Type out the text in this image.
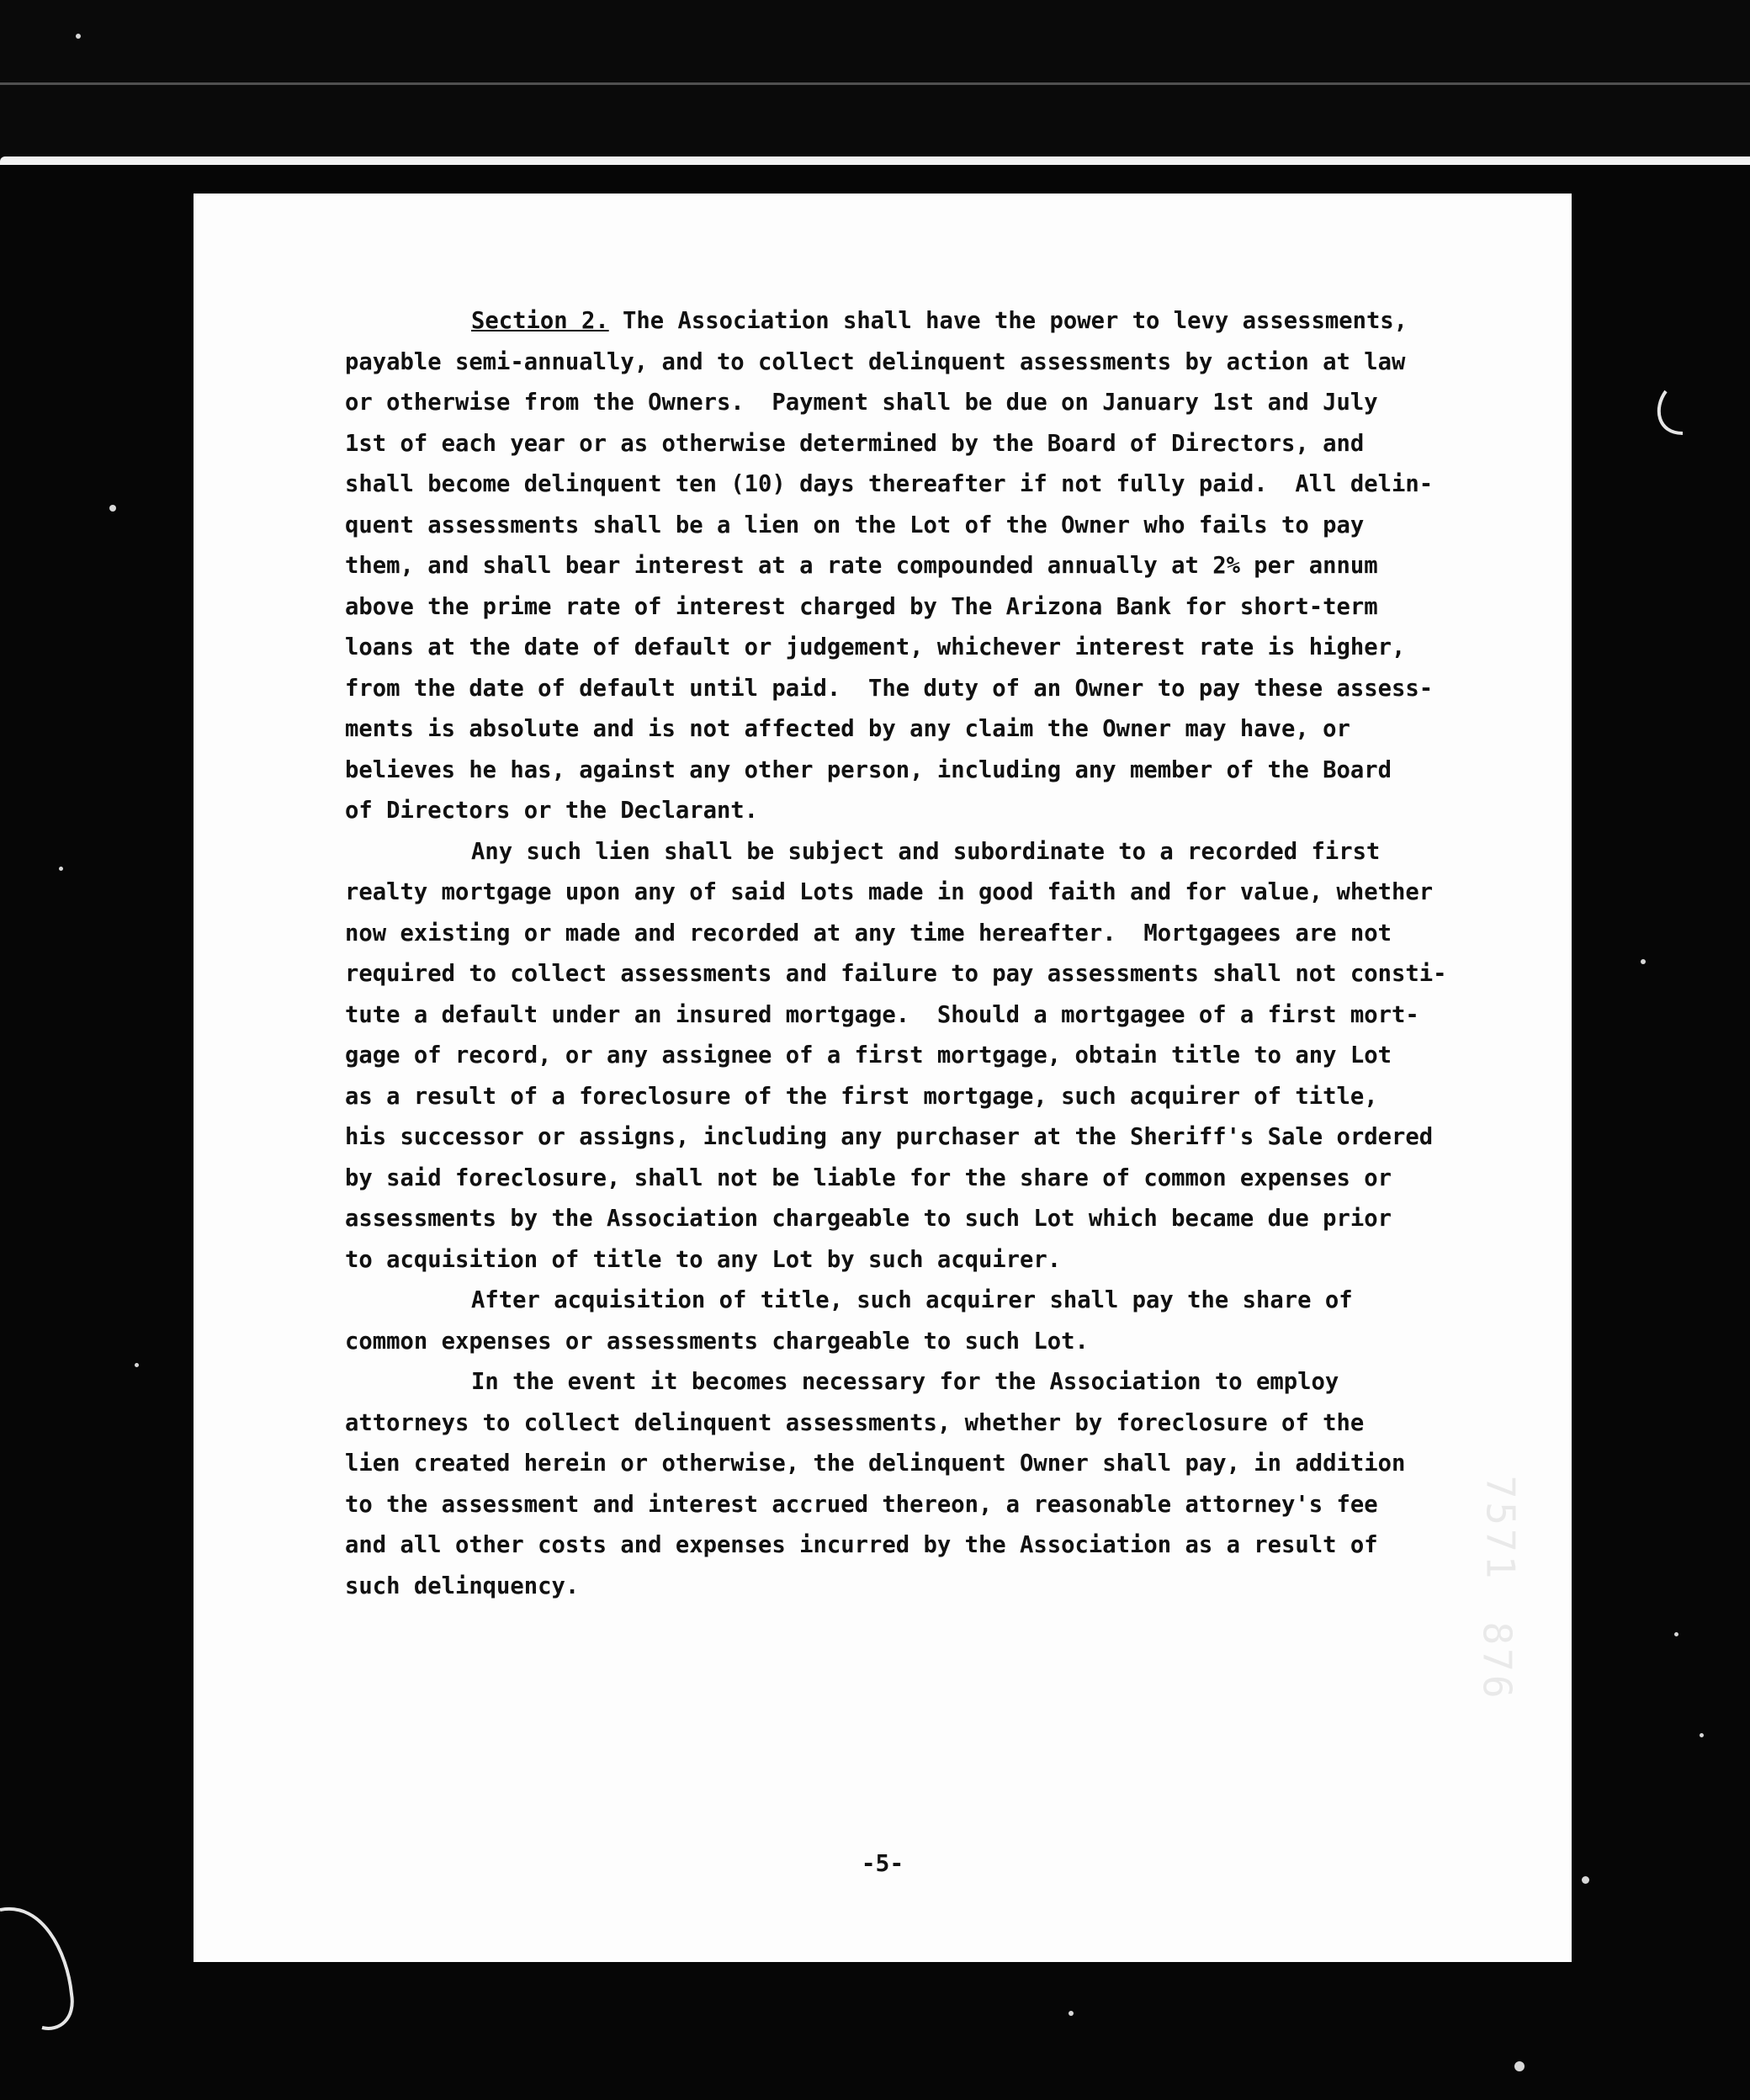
Section 2. The Association shall have the power to levy assessments,
payable semi-annually, and to collect delinquent assessments by action at law
or otherwise from the Owners.  Payment shall be due on January 1st and July
1st of each year or as otherwise determined by the Board of Directors, and
shall become delinquent ten (10) days thereafter if not fully paid.  All delin-
quent assessments shall be a lien on the Lot of the Owner who fails to pay
them, and shall bear interest at a rate compounded annually at 2% per annum
above the prime rate of interest charged by The Arizona Bank for short-term
loans at the date of default or judgement, whichever interest rate is higher,
from the date of default until paid.  The duty of an Owner to pay these assess-
ments is absolute and is not affected by any claim the Owner may have, or
believes he has, against any other person, including any member of the Board
of Directors or the Declarant.
Any such lien shall be subject and subordinate to a recorded first
realty mortgage upon any of said Lots made in good faith and for value, whether
now existing or made and recorded at any time hereafter.  Mortgagees are not
required to collect assessments and failure to pay assessments shall not consti-
tute a default under an insured mortgage.  Should a mortgagee of a first mort-
gage of record, or any assignee of a first mortgage, obtain title to any Lot
as a result of a foreclosure of the first mortgage, such acquirer of title,
his successor or assigns, including any purchaser at the Sheriff's Sale ordered
by said foreclosure, shall not be liable for the share of common expenses or
assessments by the Association chargeable to such Lot which became due prior
to acquisition of title to any Lot by such acquirer.
After acquisition of title, such acquirer shall pay the share of
common expenses or assessments chargeable to such Lot.
In the event it becomes necessary for the Association to employ
attorneys to collect delinquent assessments, whether by foreclosure of the
lien created herein or otherwise, the delinquent Owner shall pay, in addition
to the assessment and interest accrued thereon, a reasonable attorney's fee
and all other costs and expenses incurred by the Association as a result of
such delinquency.
-5-
7571
876
